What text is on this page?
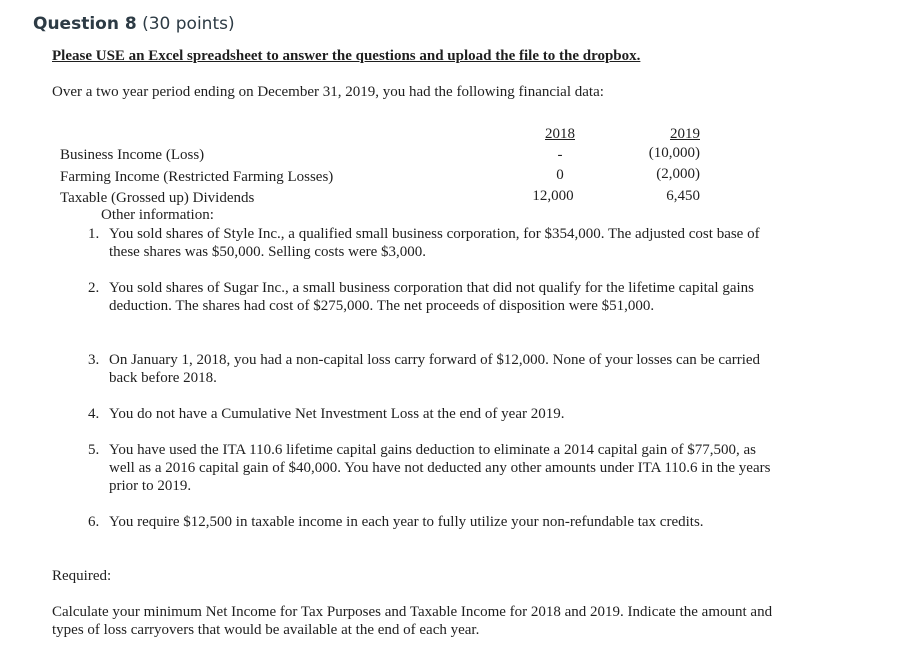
Question 8 (30 points)
Please USE an Excel spreadsheet to answer the questions and upload the file to the dropbox.
Over a two year period ending on December 31, 2019, you had the following financial data:
2018	2019
Business Income (Loss)	-	(10,000)
Farming Income (Restricted Farming Losses)	0	(2,000)
Taxable (Grossed up) Dividends	12,000	6,450
Other information:
1. You sold shares of Style Inc., a qualified small business corporation, for $354,000. The adjusted cost base of these shares was $50,000. Selling costs were $3,000.
2. You sold shares of Sugar Inc., a small business corporation that did not qualify for the lifetime capital gains deduction. The shares had cost of $275,000. The net proceeds of disposition were $51,000.
3. On January 1, 2018, you had a non-capital loss carry forward of $12,000. None of your losses can be carried back before 2018.
4. You do not have a Cumulative Net Investment Loss at the end of year 2019.
5. You have used the ITA 110.6 lifetime capital gains deduction to eliminate a 2014 capital gain of $77,500, as well as a 2016 capital gain of $40,000. You have not deducted any other amounts under ITA 110.6 in the years prior to 2019.
6. You require $12,500 in taxable income in each year to fully utilize your non-refundable tax credits.
Required:
Calculate your minimum Net Income for Tax Purposes and Taxable Income for 2018 and 2019. Indicate the amount and types of loss carryovers that would be available at the end of each year.
